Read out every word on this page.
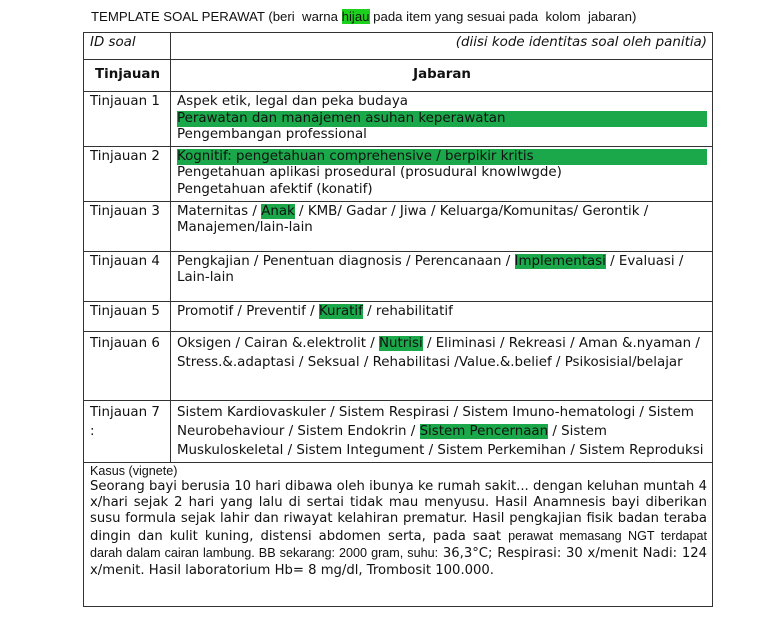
TEMPLATE SOAL PERAWAT (beri  warna hijau pada item yang sesuai pada  kolom  jabaran)
ID soal	(diisi kode identitas soal oleh panitia)

Tinjauan	Jabaran
Tinjauan 1	Aspek etik, legal dan peka budaya
Perawatan dan manajemen asuhan keperawatan
Pengembangan professional

Tinjauan 2	Kognitif: pengetahuan comprehensive / berpikir kritis
Pengetahuan aplikasi prosedural (prosudural knowlwgde)
Pengetahuan afektif (konatif)

Tinjauan 3	Maternitas / Anak / KMB/ Gadar / Jiwa / Keluarga/Komunitas/ Gerontik / Manajemen/lain-lain
Tinjauan 4	Pengkajian / Penentuan diagnosis / Perencanaan / Implementasi / Evaluasi / Lain-lain
Tinjauan 5	Promotif / Preventif / Kuratif / rehabilitatif
Tinjauan 6	Oksigen / Cairan &.elektrolit / Nutrisi / Eliminasi / Rekreasi / Aman &.nyaman / Stress.&.adaptasi / Seksual / Rehabilitasi /Value.&.belief / Psikosisial/belajar

Tinjauan 7
:	Sistem Kardiovaskuler / Sistem Respirasi / Sistem Imuno-hematologi / Sistem Neurobehaviour / Sistem Endokrin / Sistem Pencernaan / Sistem Muskuloskeletal / Sistem Integument / Sistem Perkemihan / Sistem Reproduksi

Kasus (vignete)
Seorang bayi berusia 10 hari dibawa oleh ibunya ke rumah sakit... dengan keluhan muntah 4 x/hari sejak 2 hari yang lalu di sertai tidak mau menyusu. Hasil Anamnesis bayi diberikan susu formula sejak lahir dan riwayat kelahiran prematur. Hasil pengkajian fisik badan teraba dingin dan kulit kuning, distensi abdomen serta, pada saat perawat memasang NGT terdapat darah dalam cairan lambung. BB sekarang: 2000 gram, suhu: 36,3°C; Respirasi: 30 x/menit Nadi: 124 x/menit. Hasil laboratorium Hb= 8 mg/dl, Trombosit 100.000.	
